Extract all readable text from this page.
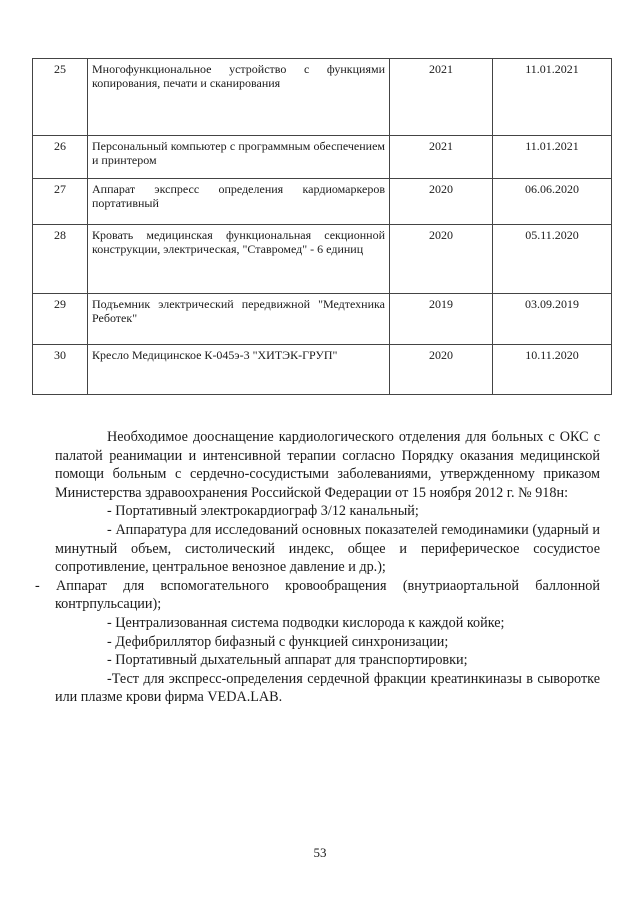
25	Многофункциональное устройство с функциями копирования, печати и сканирования	2021	11.01.2021
26	Персональный компьютер с программным обеспечением и принтером	2021	11.01.2021
27	Аппарат экспресс определения кардиомаркеров портативный	2020	06.06.2020
28	Кровать медицинская функциональная секционной конструкции, электрическая, "Ставромед" - 6 единиц	2020	05.11.2020
29	Подъемник электрический передвижной "Медтехника Реботек"	2019	03.09.2019
30	Кресло Медицинское К-045э-3 "ХИТЭК-ГРУП"	2020	10.11.2020

Необходимое дооснащение кардиологического отделения для больных с ОКС с палатой реанимации и интенсивной терапии согласно Порядку оказания медицинской помощи больным с сердечно-сосудистыми заболеваниями, утвержденному приказом Министерства здравоохранения Российской Федерации от 15 ноября 2012 г. № 918н:

- Портативный электрокардиограф 3/12 канальный;

- Аппаратура для исследований основных показателей гемодинамики (ударный и минутный объем, систолический индекс, общее и периферическое сосудистое сопротивление, центральное венозное давление и др.);

- Аппарат для вспомогательного кровообращения (внутриаортальной баллонной контрпульсации);

- Централизованная система подводки кислорода к каждой койке;

- Дефибриллятор бифазный с функцией синхронизации;

- Портативный дыхательный аппарат для транспортировки;

-Тест для экспресс-определения сердечной фракции креатинкиназы в сыворотке или плазме крови фирма VEDA.LAB.

53
